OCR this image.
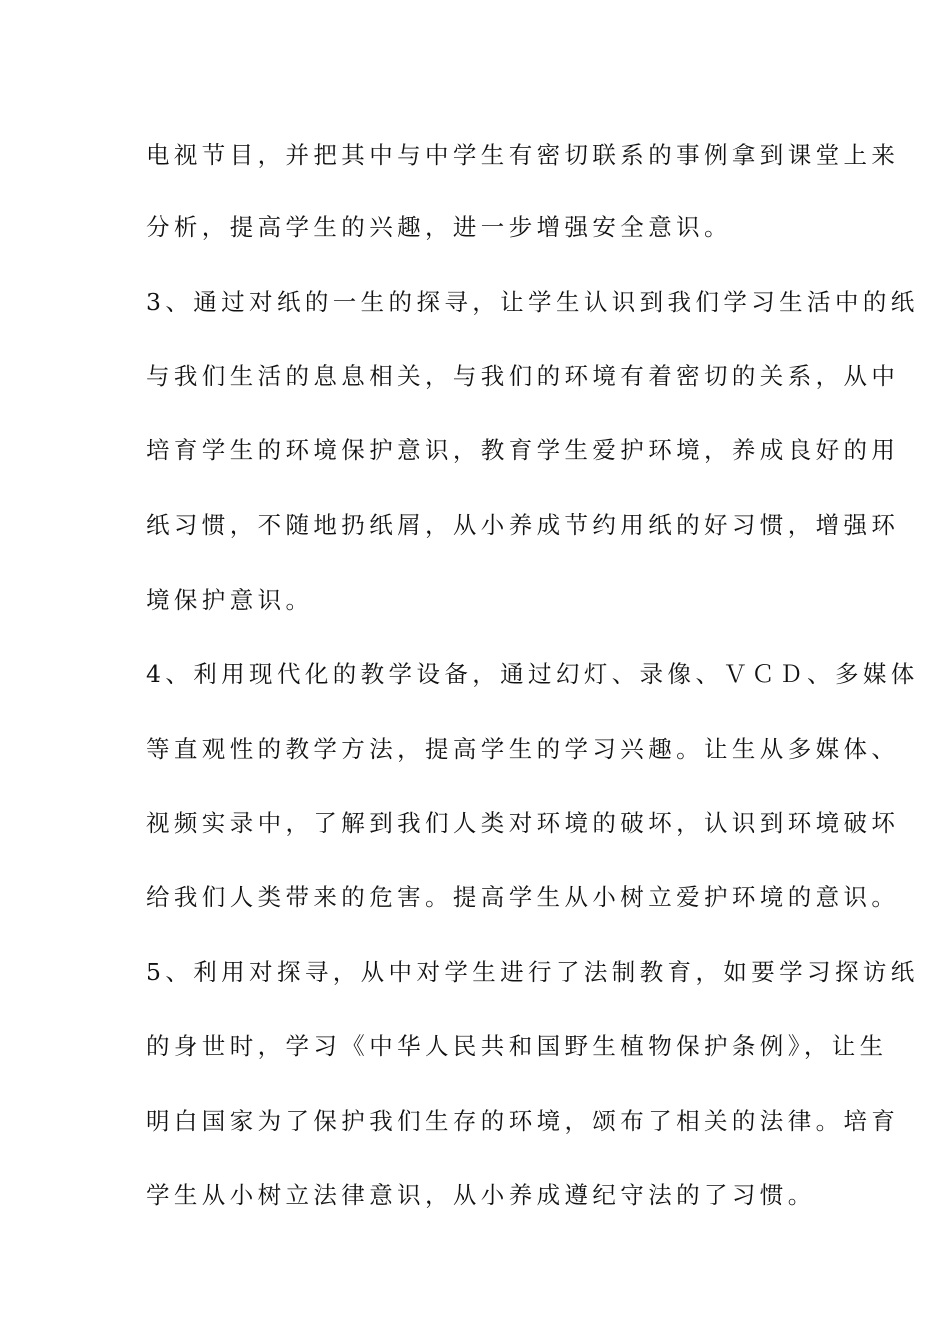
电视节目，并把其中与中学生有密切联系的事例拿到课堂上来
分析，提高学生的兴趣，进一步增强安全意识。
3、通过对纸的一生的探寻，让学生认识到我们学习生活中的纸
与我们生活的息息相关，与我们的环境有着密切的关系，从中
培育学生的环境保护意识，教育学生爱护环境，养成良好的用
纸习惯，不随地扔纸屑，从小养成节约用纸的好习惯，增强环
境保护意识。
4、利用现代化的教学设备，通过幻灯、录像、ＶＣＤ、多媒体
等直观性的教学方法，提高学生的学习兴趣。让生从多媒体、
视频实录中，了解到我们人类对环境的破坏，认识到环境破坏
给我们人类带来的危害。提高学生从小树立爱护环境的意识。
5、利用对探寻，从中对学生进行了法制教育，如要学习探访纸
的身世时，学习《中华人民共和国野生植物保护条例》，让生
明白国家为了保护我们生存的环境，颂布了相关的法律。培育
学生从小树立法律意识，从小养成遵纪守法的了习惯。
